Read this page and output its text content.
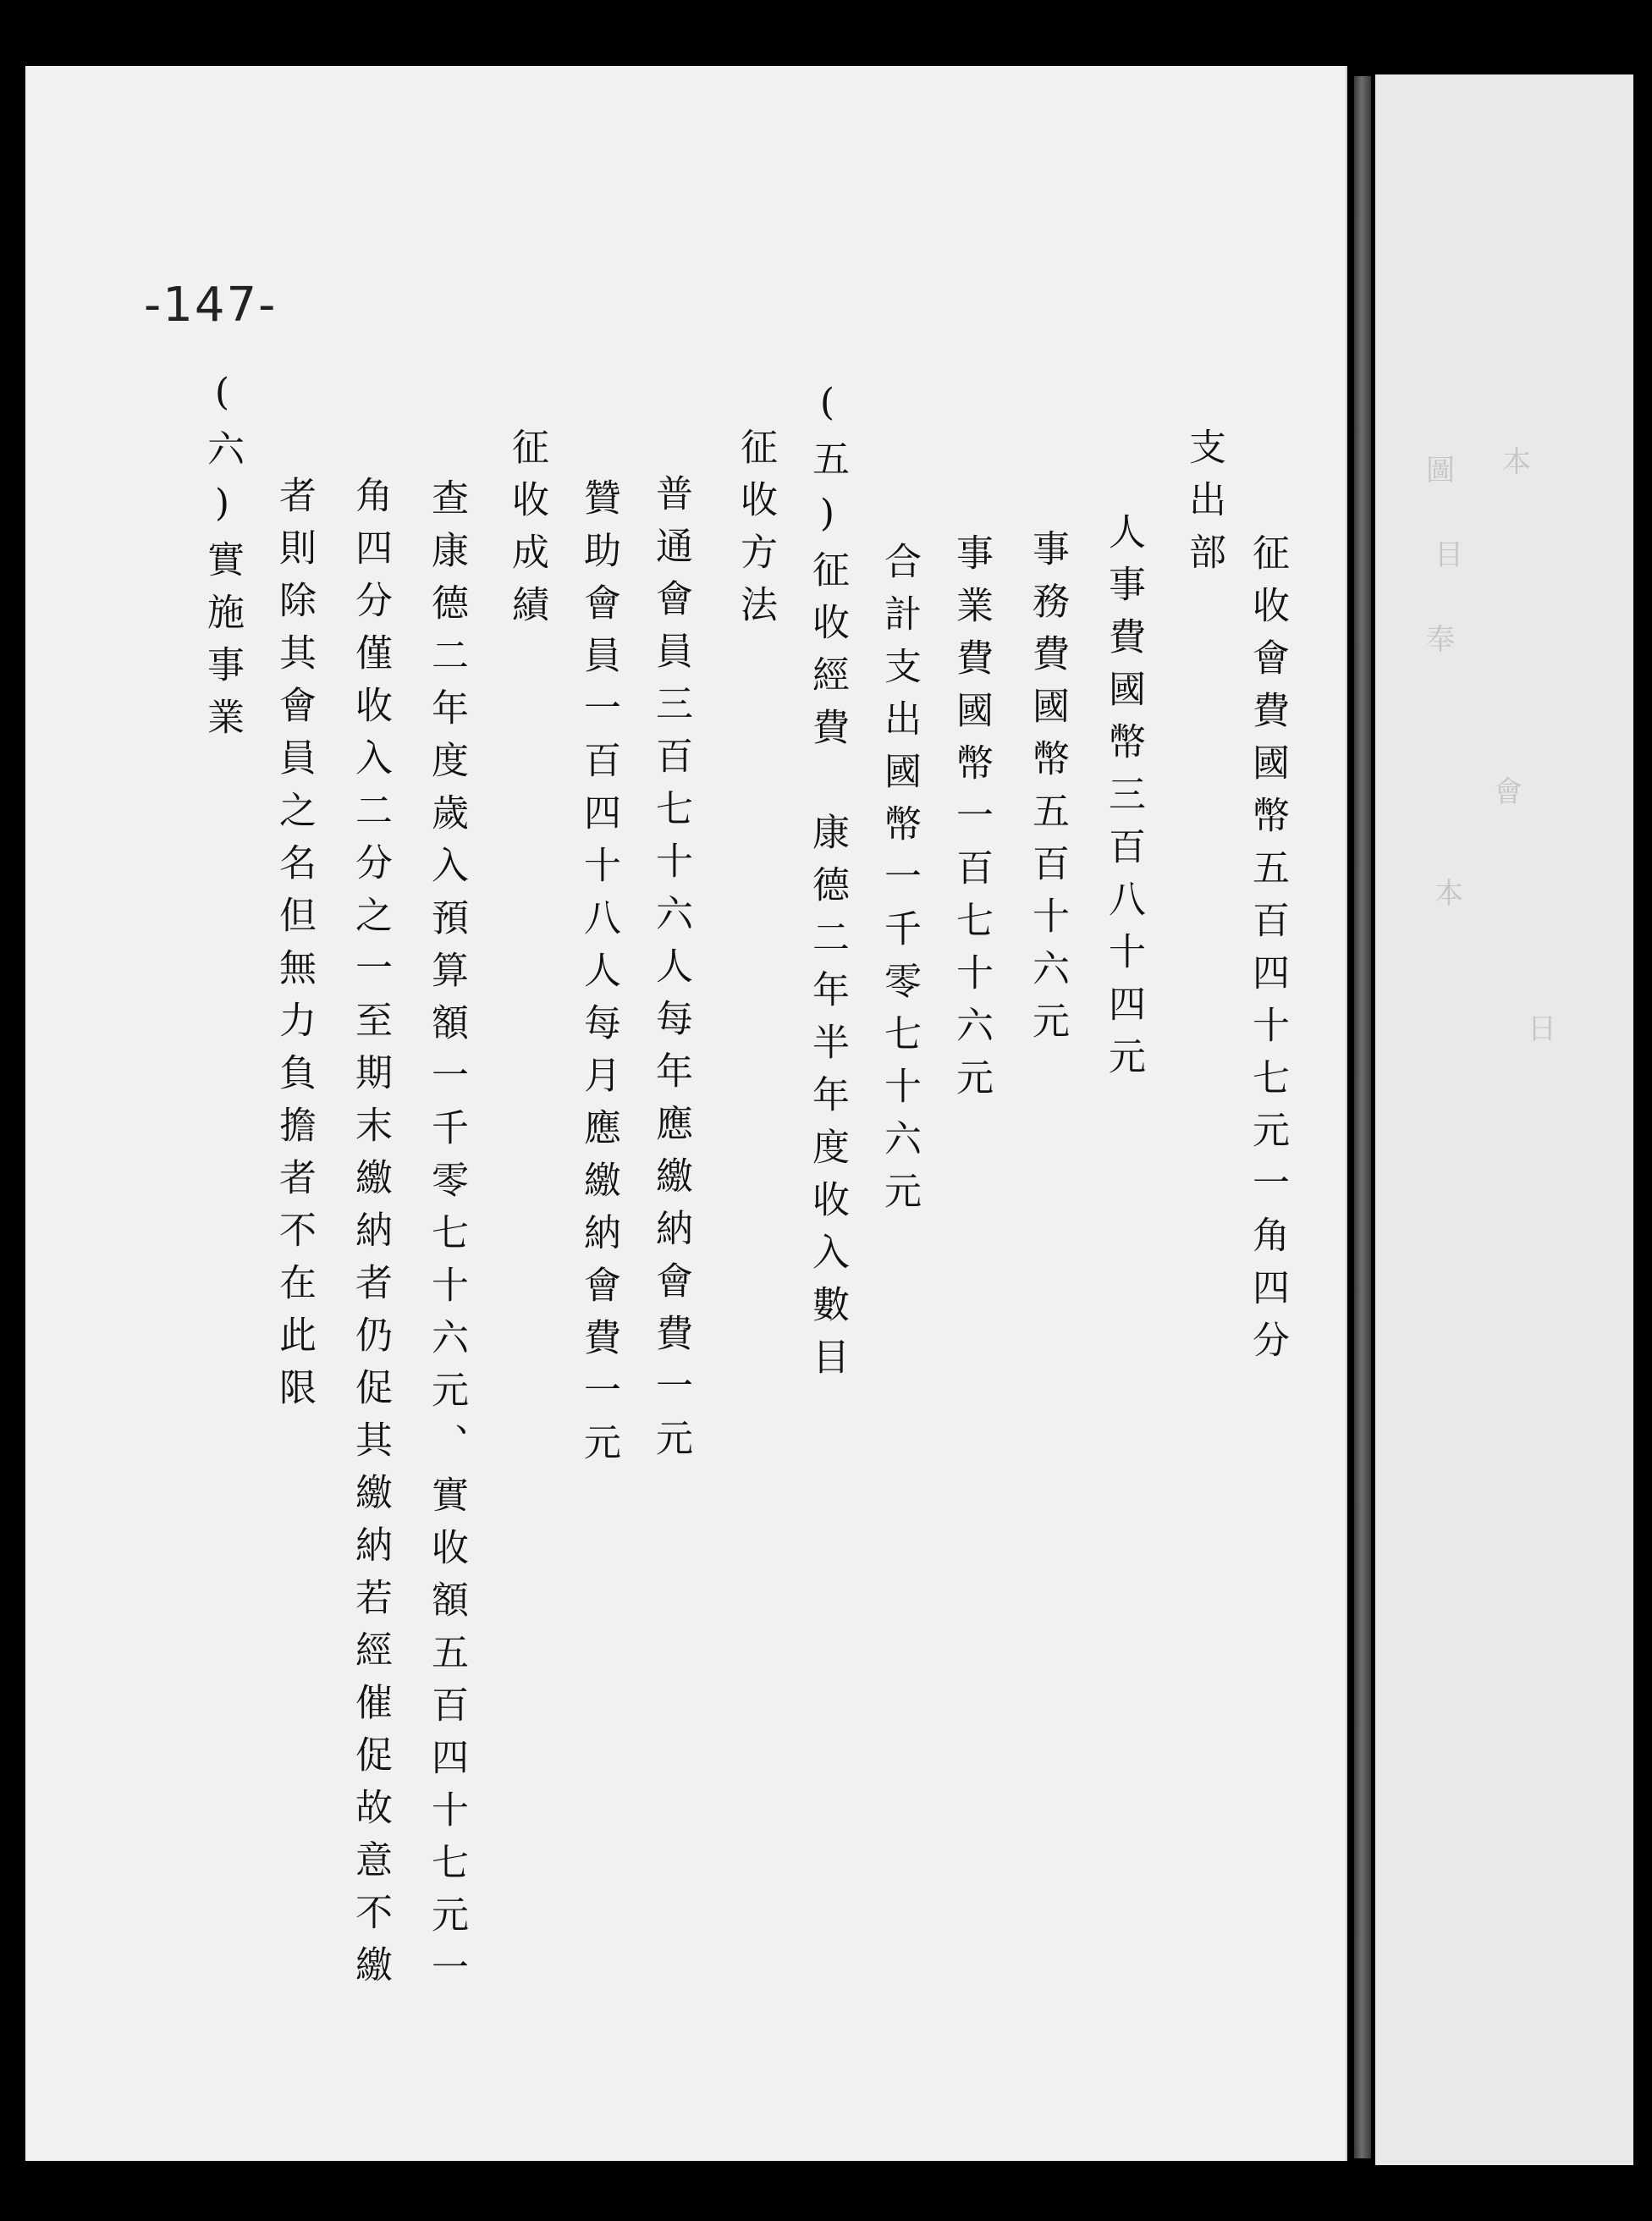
圖 本
目
奉
會
本
日
-147-
征收會費國幣五百四十七元一角四分
支出部
人事費國幣三百八十四元
事務費國幣五百十六元
事業費國幣一百七十六元
合計支出國幣一千零七十六元
(五)征收經費　康德二年半年度收入數目
征收方法
普通會員三百七十六人每年應繳納會費一元
贊助會員一百四十八人每月應繳納會費一元
征收成績
查康德二年度歲入預算額一千零七十六元、實收額五百四十七元一
角四分僅收入二分之一至期末繳納者仍促其繳納若經催促故意不繳
者則除其會員之名但無力負擔者不在此限
(六)實施事業
